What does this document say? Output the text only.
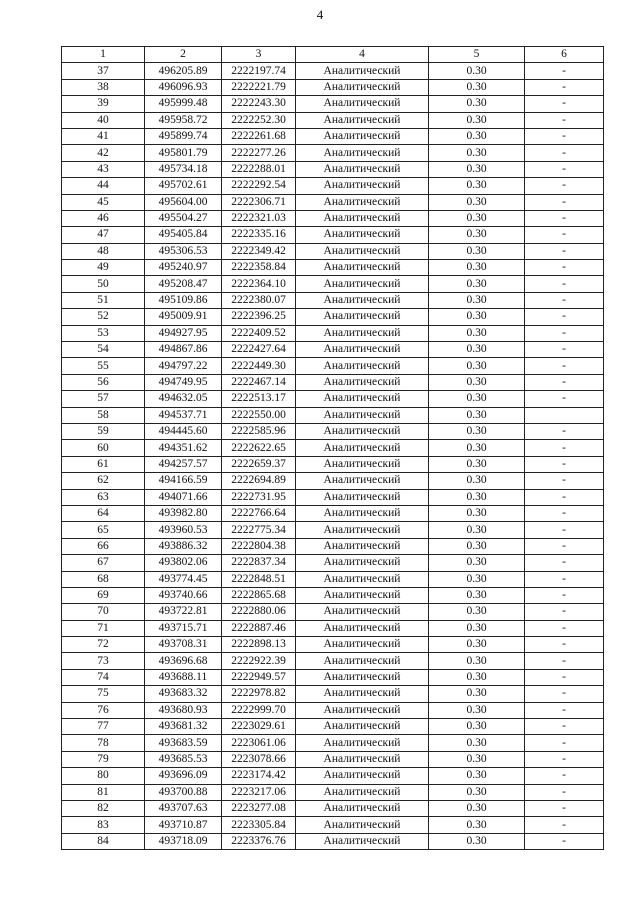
4
1	2	3	4	5	6
37	496205.89	2222197.74	Аналитический	0.30	-
38	496096.93	2222221.79	Аналитический	0.30	-
39	495999.48	2222243.30	Аналитический	0.30	-
40	495958.72	2222252.30	Аналитический	0.30	-
41	495899.74	2222261.68	Аналитический	0.30	-
42	495801.79	2222277.26	Аналитический	0.30	-
43	495734.18	2222288.01	Аналитический	0.30	-
44	495702.61	2222292.54	Аналитический	0.30	-
45	495604.00	2222306.71	Аналитический	0.30	-
46	495504.27	2222321.03	Аналитический	0.30	-
47	495405.84	2222335.16	Аналитический	0.30	-
48	495306.53	2222349.42	Аналитический	0.30	-
49	495240.97	2222358.84	Аналитический	0.30	-
50	495208.47	2222364.10	Аналитический	0.30	-
51	495109.86	2222380.07	Аналитический	0.30	-
52	495009.91	2222396.25	Аналитический	0.30	-
53	494927.95	2222409.52	Аналитический	0.30	-
54	494867.86	2222427.64	Аналитический	0.30	-
55	494797.22	2222449.30	Аналитический	0.30	-
56	494749.95	2222467.14	Аналитический	0.30	-
57	494632.05	2222513.17	Аналитический	0.30	-
58	494537.71	2222550.00	Аналитический	0.30	
59	494445.60	2222585.96	Аналитический	0.30	-
60	494351.62	2222622.65	Аналитический	0.30	-
61	494257.57	2222659.37	Аналитический	0.30	-
62	494166.59	2222694.89	Аналитический	0.30	-
63	494071.66	2222731.95	Аналитический	0.30	-
64	493982.80	2222766.64	Аналитический	0.30	-
65	493960.53	2222775.34	Аналитический	0.30	-
66	493886.32	2222804.38	Аналитический	0.30	-
67	493802.06	2222837.34	Аналитический	0.30	-
68	493774.45	2222848.51	Аналитический	0.30	-
69	493740.66	2222865.68	Аналитический	0.30	-
70	493722.81	2222880.06	Аналитический	0.30	-
71	493715.71	2222887.46	Аналитический	0.30	-
72	493708.31	2222898.13	Аналитический	0.30	-
73	493696.68	2222922.39	Аналитический	0.30	-
74	493688.11	2222949.57	Аналитический	0.30	-
75	493683.32	2222978.82	Аналитический	0.30	-
76	493680.93	2222999.70	Аналитический	0.30	-
77	493681.32	2223029.61	Аналитический	0.30	-
78	493683.59	2223061.06	Аналитический	0.30	-
79	493685.53	2223078.66	Аналитический	0.30	-
80	493696.09	2223174.42	Аналитический	0.30	-
81	493700.88	2223217.06	Аналитический	0.30	-
82	493707.63	2223277.08	Аналитический	0.30	-
83	493710.87	2223305.84	Аналитический	0.30	-
84	493718.09	2223376.76	Аналитический	0.30	-
